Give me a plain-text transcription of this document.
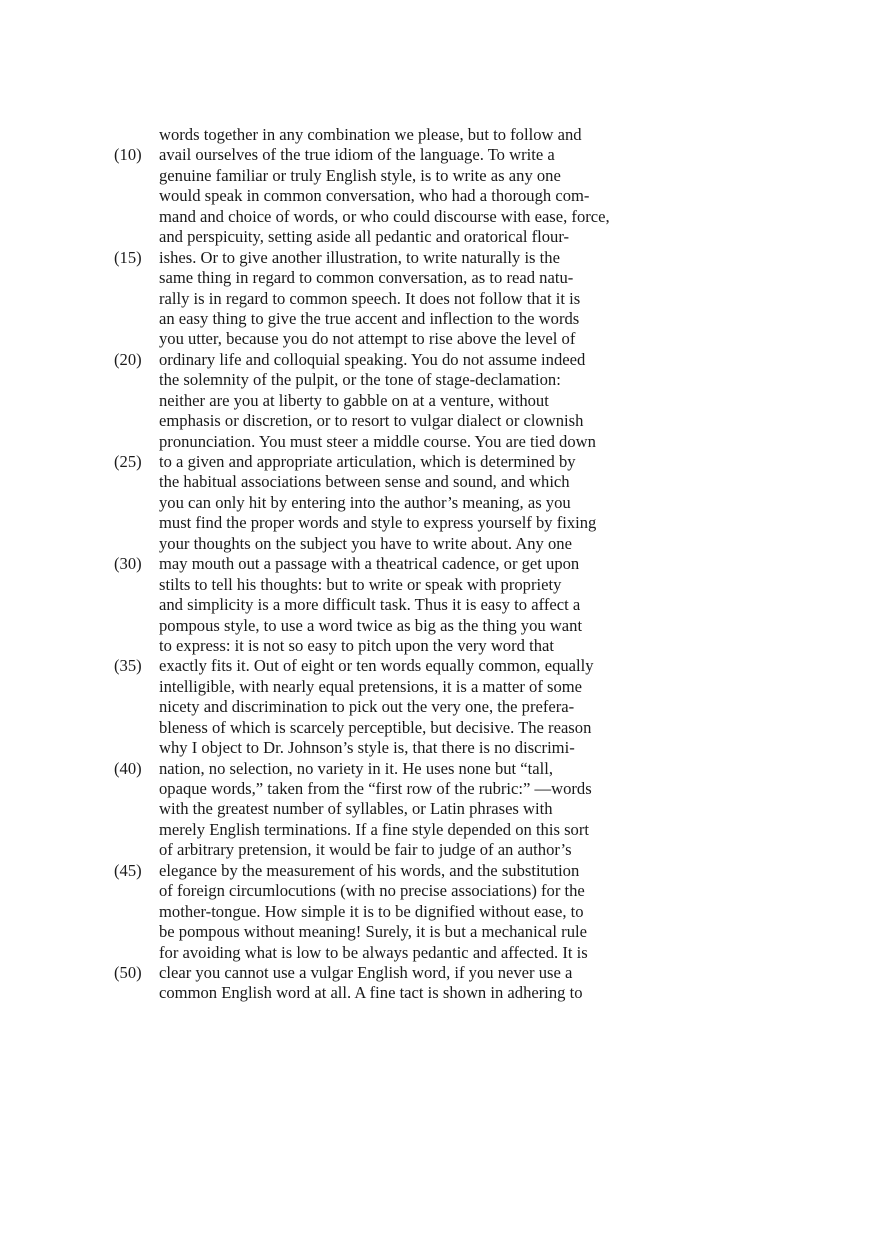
words together in any combination we please, but to follow and
(10)	avail ourselves of the true idiom of the language. To write a
genuine familiar or truly English style, is to write as any one
would speak in common conversation, who had a thorough com-
mand and choice of words, or who could discourse with ease, force,
and perspicuity, setting aside all pedantic and oratorical flour-
(15)	ishes. Or to give another illustration, to write naturally is the
same thing in regard to common conversation, as to read natu-
rally is in regard to common speech. It does not follow that it is
an easy thing to give the true accent and inflection to the words
you utter, because you do not attempt to rise above the level of
(20)	ordinary life and colloquial speaking. You do not assume indeed
the solemnity of the pulpit, or the tone of stage-declamation:
neither are you at liberty to gabble on at a venture, without
emphasis or discretion, or to resort to vulgar dialect or clownish
pronunciation. You must steer a middle course. You are tied down
(25)	to a given and appropriate articulation, which is determined by
the habitual associations between sense and sound, and which
you can only hit by entering into the author’s meaning, as you
must find the proper words and style to express yourself by fixing
your thoughts on the subject you have to write about. Any one
(30)	may mouth out a passage with a theatrical cadence, or get upon
stilts to tell his thoughts: but to write or speak with propriety
and simplicity is a more difficult task. Thus it is easy to affect a
pompous style, to use a word twice as big as the thing you want
to express: it is not so easy to pitch upon the very word that
(35)	exactly fits it. Out of eight or ten words equally common, equally
intelligible, with nearly equal pretensions, it is a matter of some
nicety and discrimination to pick out the very one, the prefera-
bleness of which is scarcely perceptible, but decisive. The reason
why I object to Dr. Johnson’s style is, that there is no discrimi-
(40)	nation, no selection, no variety in it. He uses none but “tall,
opaque words,” taken from the “first row of the rubric:” —words
with the greatest number of syllables, or Latin phrases with
merely English terminations. If a fine style depended on this sort
of arbitrary pretension, it would be fair to judge of an author’s
(45)	elegance by the measurement of his words, and the substitution
of foreign circumlocutions (with no precise associations) for the
mother-tongue. How simple it is to be dignified without ease, to
be pompous without meaning! Surely, it is but a mechanical rule
for avoiding what is low to be always pedantic and affected. It is
(50)	clear you cannot use a vulgar English word, if you never use a
common English word at all. A fine tact is shown in adhering to
